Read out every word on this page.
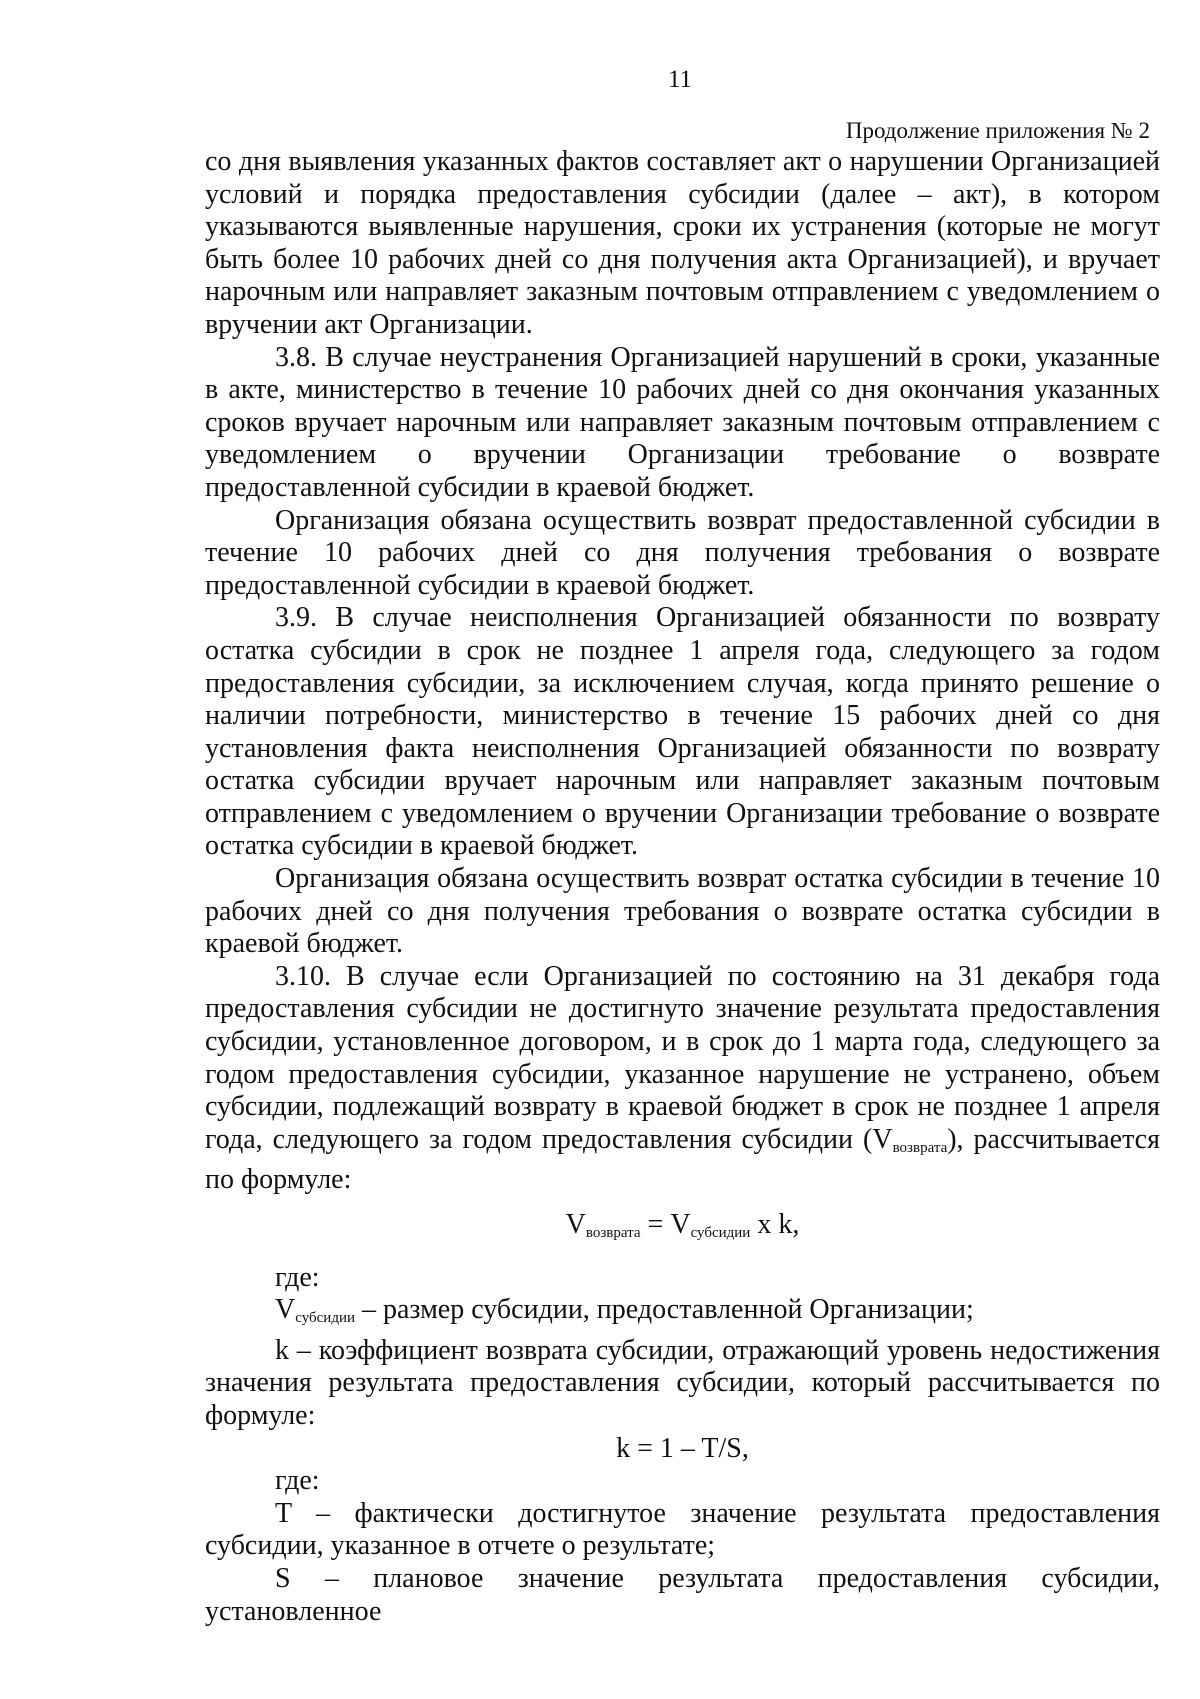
11
Продолжение приложения № 2

со дня выявления указанных фактов составляет акт о нарушении Организацией условий и порядка предоставления субсидии (далее – акт), в котором указываются выявленные нарушения, сроки их устранения (которые не могут быть более 10 рабочих дней со дня получения акта Организацией), и вручает нарочным или направляет заказным почтовым отправлением с уведомлением о вручении акт Организации.

3.8. В случае неустранения Организацией нарушений в сроки, указанные в акте, министерство в течение 10 рабочих дней со дня окончания указанных сроков вручает нарочным или направляет заказным почтовым отправлением с уведомлением о вручении Организации требование о возврате предоставленной субсидии в краевой бюджет.

Организация обязана осуществить возврат предоставленной субсидии в течение 10 рабочих дней со дня получения требования о возврате предоставленной субсидии в краевой бюджет.

3.9. В случае неисполнения Организацией обязанности по возврату остатка субсидии в срок не позднее 1 апреля года, следующего за годом предоставления субсидии, за исключением случая, когда принято решение о наличии потребности, министерство в течение 15 рабочих дней со дня установления факта неисполнения Организацией обязанности по возврату остатка субсидии вручает нарочным или направляет заказным почтовым отправлением с уведомлением о вручении Организации требование о возврате остатка субсидии в краевой бюджет.

Организация обязана осуществить возврат остатка субсидии в течение 10 рабочих дней со дня получения требования о возврате остатка субсидии в краевой бюджет.

3.10. В случае если Организацией по состоянию на 31 декабря года предоставления субсидии не достигнуто значение результата предоставления субсидии, установленное договором, и в срок до 1 марта года, следующего за годом предоставления субсидии, указанное нарушение не устранено, объем субсидии, подлежащий возврату в краевой бюджет в срок не позднее 1 апреля года, следующего за годом предоставления субсидии $(V_{возврата})$, рассчитывается по формуле:

$V_{возврата} = V_{субсидии}$ x k,

где:

$V_{субсидии}$ – размер субсидии, предоставленной Организации;

k – коэффициент возврата субсидии, отражающий уровень недостижения значения результата предоставления субсидии, который рассчитывается по формуле:

k = 1 – T/S,

где:

T – фактически достигнутое значение результата предоставления субсидии, указанное в отчете о результате;

S – плановое значение результата предоставления субсидии, установленное
